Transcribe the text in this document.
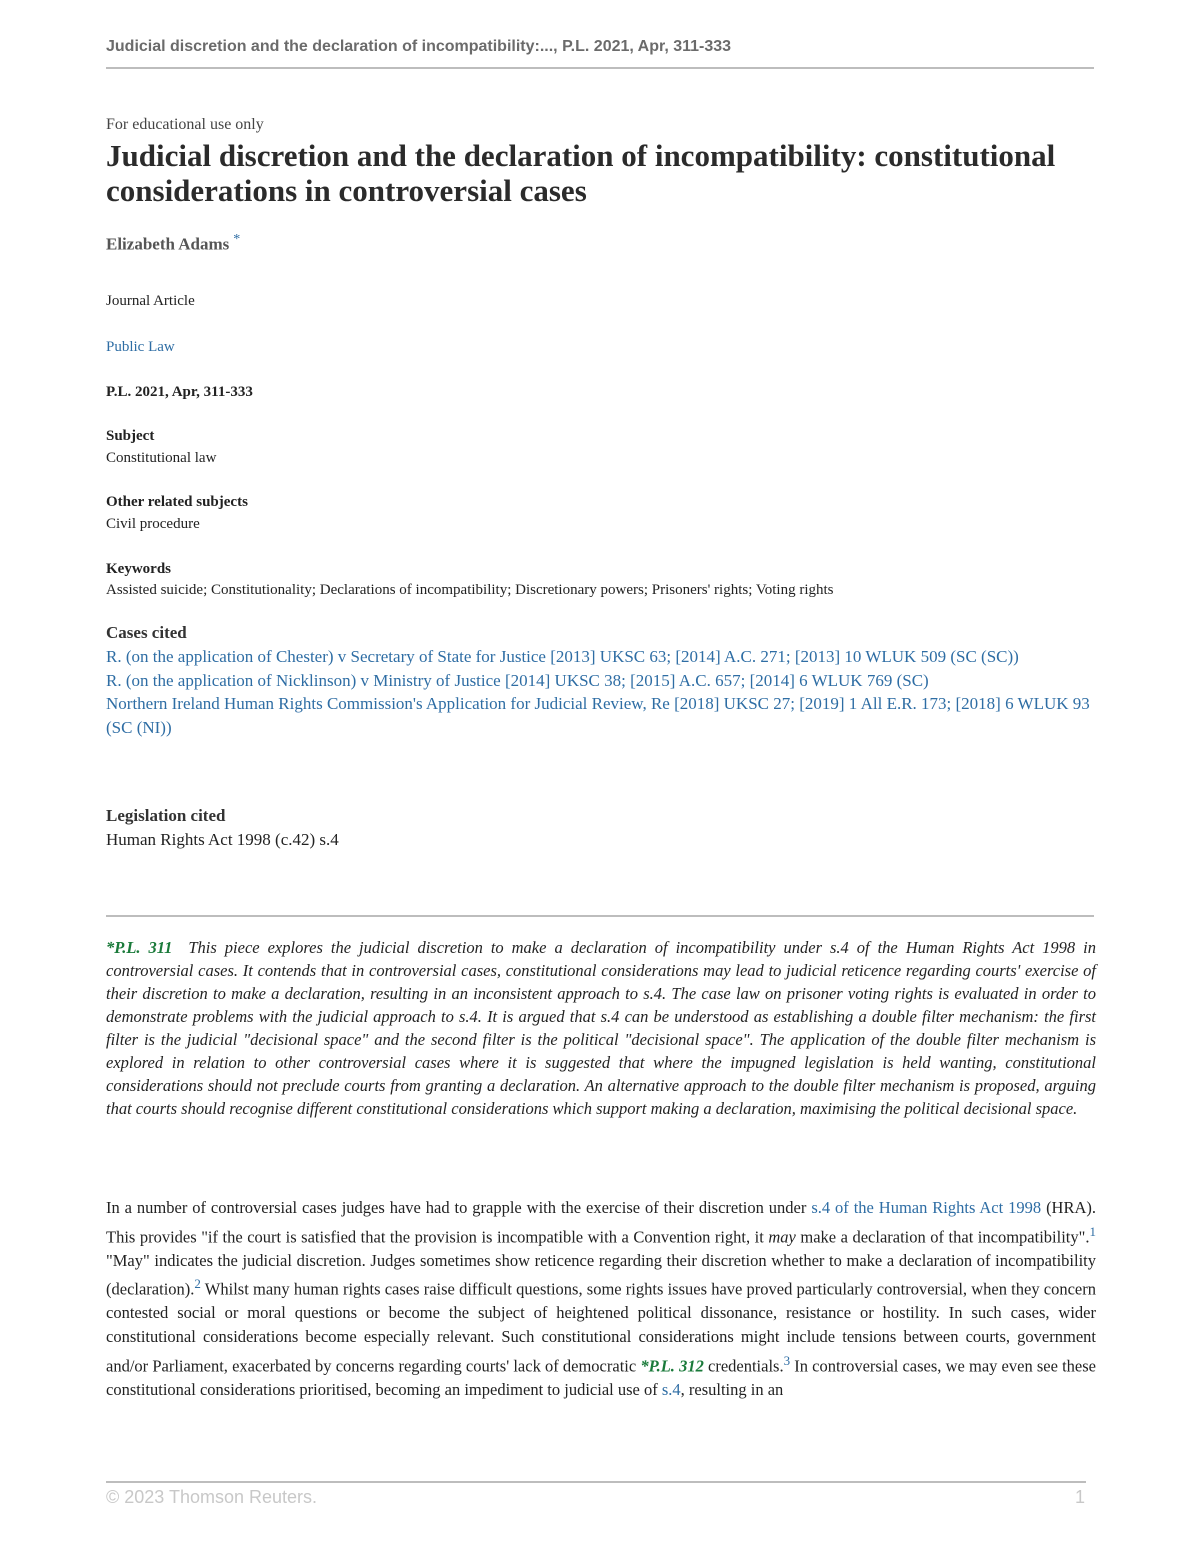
Judicial discretion and the declaration of incompatibility:..., P.L. 2021, Apr, 311-333
For educational use only
Judicial discretion and the declaration of incompatibility: constitutional considerations in controversial cases
Elizabeth Adams *
Journal Article
Public Law
P.L. 2021, Apr, 311-333
Subject
Constitutional law
Other related subjects
Civil procedure
Keywords
Assisted suicide; Constitutionality; Declarations of incompatibility; Discretionary powers; Prisoners' rights; Voting rights
Cases cited
R. (on the application of Chester) v Secretary of State for Justice [2013] UKSC 63; [2014] A.C. 271; [2013] 10 WLUK 509 (SC (SC))
R. (on the application of Nicklinson) v Ministry of Justice [2014] UKSC 38; [2015] A.C. 657; [2014] 6 WLUK 769 (SC)
Northern Ireland Human Rights Commission's Application for Judicial Review, Re [2018] UKSC 27; [2019] 1 All E.R. 173; [2018] 6 WLUK 93 (SC (NI))
Legislation cited
Human Rights Act 1998 (c.42) s.4
*P.L. 311 This piece explores the judicial discretion to make a declaration of incompatibility under s.4 of the Human Rights Act 1998 in controversial cases. It contends that in controversial cases, constitutional considerations may lead to judicial reticence regarding courts' exercise of their discretion to make a declaration, resulting in an inconsistent approach to s.4. The case law on prisoner voting rights is evaluated in order to demonstrate problems with the judicial approach to s.4. It is argued that s.4 can be understood as establishing a double filter mechanism: the first filter is the judicial "decisional space" and the second filter is the political "decisional space". The application of the double filter mechanism is explored in relation to other controversial cases where it is suggested that where the impugned legislation is held wanting, constitutional considerations should not preclude courts from granting a declaration. An alternative approach to the double filter mechanism is proposed, arguing that courts should recognise different constitutional considerations which support making a declaration, maximising the political decisional space.
In a number of controversial cases judges have had to grapple with the exercise of their discretion under s.4 of the Human Rights Act 1998 (HRA). This provides "if the court is satisfied that the provision is incompatible with a Convention right, it may make a declaration of that incompatibility".$^1$ "May" indicates the judicial discretion. Judges sometimes show reticence regarding their discretion whether to make a declaration of incompatibility (declaration).$^2$ Whilst many human rights cases raise difficult questions, some rights issues have proved particularly controversial, when they concern contested social or moral questions or become the subject of heightened political dissonance, resistance or hostility. In such cases, wider constitutional considerations become especially relevant. Such constitutional considerations might include tensions between courts, government and/or Parliament, exacerbated by concerns regarding courts' lack of democratic *P.L. 312 credentials.$^3$ In controversial cases, we may even see these constitutional considerations prioritised, becoming an impediment to judicial use of s.4, resulting in an
© 2023 Thomson Reuters.	1
